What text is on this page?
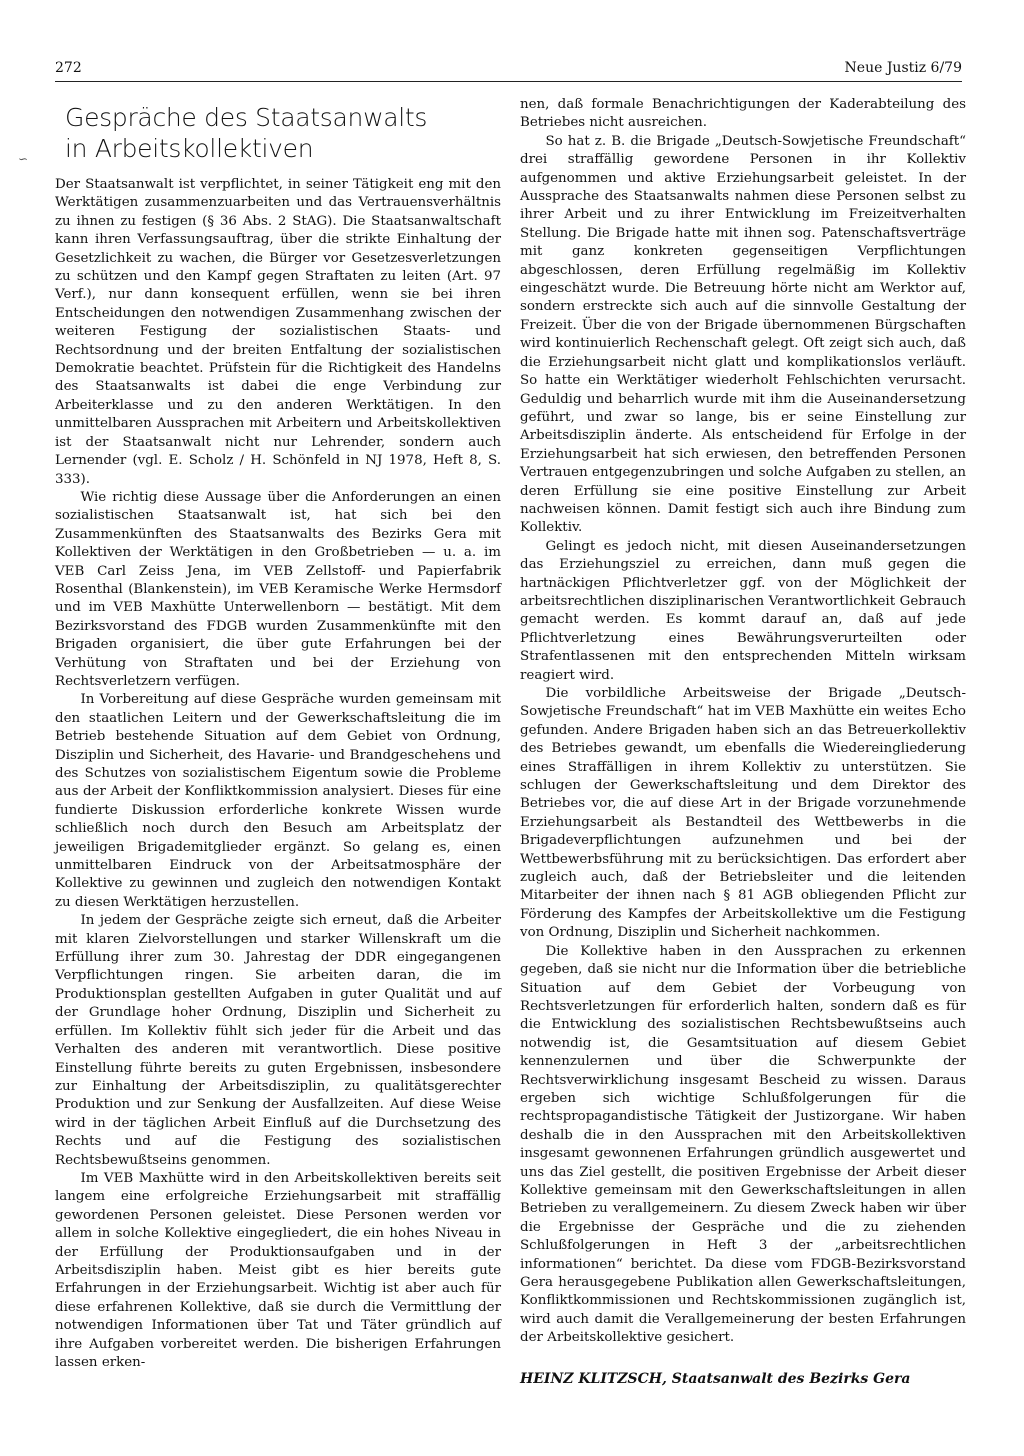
272	Neue Justiz 6/79
∽
Gespräche des Staatsanwalts
in Arbeitskollektiven

Der Staatsanwalt ist verpflichtet, in seiner Tätigkeit eng mit den Werktätigen zusammenzuarbeiten und das Vertrauensverhältnis zu ihnen zu festigen (§ 36 Abs. 2 StAG). Die Staatsanwaltschaft kann ihren Verfassungsauftrag, über die strikte Einhaltung der Gesetzlichkeit zu wachen, die Bürger vor Gesetzesverletzungen zu schützen und den Kampf gegen Straftaten zu leiten (Art. 97 Verf.), nur dann konsequent erfüllen, wenn sie bei ihren Entscheidungen den notwendigen Zusammenhang zwischen der weiteren Festigung der sozialistischen Staats- und Rechtsordnung und der breiten Entfaltung der sozialistischen Demokratie beachtet. Prüfstein für die Richtigkeit des Handelns des Staatsanwalts ist dabei die enge Verbindung zur Arbeiterklasse und zu den anderen Werktätigen. In den unmittelbaren Aussprachen mit Arbeitern und Arbeitskollektiven ist der Staatsanwalt nicht nur Lehrender, sondern auch Lernender (vgl. E. Scholz / H. Schönfeld in NJ 1978, Heft 8, S. 333).

Wie richtig diese Aussage über die Anforderungen an einen sozialistischen Staatsanwalt ist, hat sich bei den Zusammenkünften des Staatsanwalts des Bezirks Gera mit Kollektiven der Werktätigen in den Großbetrieben — u. a. im VEB Carl Zeiss Jena, im VEB Zellstoff- und Papierfabrik Rosenthal (Blankenstein), im VEB Keramische Werke Hermsdorf und im VEB Maxhütte Unterwellenborn — bestätigt. Mit dem Bezirksvorstand des FDGB wurden Zusammenkünfte mit den Brigaden organisiert, die über gute Erfahrungen bei der Verhütung von Straftaten und bei der Erziehung von Rechtsverletzern verfügen.

In Vorbereitung auf diese Gespräche wurden gemeinsam mit den staatlichen Leitern und der Gewerkschaftsleitung die im Betrieb bestehende Situation auf dem Gebiet von Ordnung, Disziplin und Sicherheit, des Havarie- und Brandgeschehens und des Schutzes von sozialistischem Eigentum sowie die Probleme aus der Arbeit der Konfliktkommission analysiert. Dieses für eine fundierte Diskussion erforderliche konkrete Wissen wurde schließlich noch durch den Besuch am Arbeitsplatz der jeweiligen Brigademitglieder ergänzt. So gelang es, einen unmittelbaren Eindruck von der Arbeitsatmosphäre der Kollektive zu gewinnen und zugleich den notwendigen Kontakt zu diesen Werktätigen herzustellen.

In jedem der Gespräche zeigte sich erneut, daß die Arbeiter mit klaren Zielvorstellungen und starker Willenskraft um die Erfüllung ihrer zum 30. Jahrestag der DDR eingegangenen Verpflichtungen ringen. Sie arbeiten daran, die im Produktionsplan gestellten Aufgaben in guter Qualität und auf der Grundlage hoher Ordnung, Disziplin und Sicherheit zu erfüllen. Im Kollektiv fühlt sich jeder für die Arbeit und das Verhalten des anderen mit verantwortlich. Diese positive Einstellung führte bereits zu guten Ergebnissen, insbesondere zur Einhaltung der Arbeitsdisziplin, zu qualitätsgerechter Produktion und zur Senkung der Ausfallzeiten. Auf diese Weise wird in der täglichen Arbeit Einfluß auf die Durchsetzung des Rechts und auf die Festigung des sozialistischen Rechtsbewußtseins genommen.

Im VEB Maxhütte wird in den Arbeitskollektiven bereits seit langem eine erfolgreiche Erziehungsarbeit mit straffällig gewordenen Personen geleistet. Diese Personen werden vor allem in solche Kollektive eingegliedert, die ein hohes Niveau in der Erfüllung der Produktionsaufgaben und in der Arbeitsdisziplin haben. Meist gibt es hier bereits gute Erfahrungen in der Erziehungsarbeit. Wichtig ist aber auch für diese erfahrenen Kollektive, daß sie durch die Vermittlung der notwendigen Informationen über Tat und Täter gründlich auf ihre Aufgaben vorbereitet werden. Die bisherigen Erfahrungen lassen erken-

nen, daß formale Benachrichtigungen der Kaderabteilung des Betriebes nicht ausreichen.

So hat z. B. die Brigade „Deutsch-Sowjetische Freundschaft“ drei straffällig gewordene Personen in ihr Kollektiv aufgenommen und aktive Erziehungsarbeit geleistet. In der Aussprache des Staatsanwalts nahmen diese Personen selbst zu ihrer Arbeit und zu ihrer Entwicklung im Freizeitverhalten Stellung. Die Brigade hatte mit ihnen sog. Patenschaftsverträge mit ganz konkreten gegenseitigen Verpflichtungen abgeschlossen, deren Erfüllung regelmäßig im Kollektiv eingeschätzt wurde. Die Betreuung hörte nicht am Werktor auf, sondern erstreckte sich auch auf die sinnvolle Gestaltung der Freizeit. Über die von der Brigade übernommenen Bürgschaften wird kontinuierlich Rechenschaft gelegt. Oft zeigt sich auch, daß die Erziehungsarbeit nicht glatt und komplikationslos verläuft. So hatte ein Werktätiger wiederholt Fehlschichten verursacht. Geduldig und beharrlich wurde mit ihm die Auseinandersetzung geführt, und zwar so lange, bis er seine Einstellung zur Arbeitsdisziplin änderte. Als entscheidend für Erfolge in der Erziehungsarbeit hat sich erwiesen, den betreffenden Personen Vertrauen entgegenzubringen und solche Aufgaben zu stellen, an deren Erfüllung sie eine positive Einstellung zur Arbeit nachweisen können. Damit festigt sich auch ihre Bindung zum Kollektiv.

Gelingt es jedoch nicht, mit diesen Auseinandersetzungen das Erziehungsziel zu erreichen, dann muß gegen die hartnäckigen Pflichtverletzer ggf. von der Möglichkeit der arbeitsrechtlichen disziplinarischen Verantwortlichkeit Gebrauch gemacht werden. Es kommt darauf an, daß auf jede Pflichtverletzung eines Bewährungsverurteilten oder Strafentlassenen mit den entsprechenden Mitteln wirksam reagiert wird.

Die vorbildliche Arbeitsweise der Brigade „Deutsch-Sowjetische Freundschaft“ hat im VEB Maxhütte ein weites Echo gefunden. Andere Brigaden haben sich an das Betreuerkollektiv des Betriebes gewandt, um ebenfalls die Wiedereingliederung eines Straffälligen in ihrem Kollektiv zu unterstützen. Sie schlugen der Gewerkschaftsleitung und dem Direktor des Betriebes vor, die auf diese Art in der Brigade vorzunehmende Erziehungsarbeit als Bestandteil des Wettbewerbs in die Brigadeverpflichtungen aufzunehmen und bei der Wettbewerbsführung mit zu berücksichtigen. Das erfordert aber zugleich auch, daß der Betriebsleiter und die leitenden Mitarbeiter der ihnen nach § 81 AGB obliegenden Pflicht zur Förderung des Kampfes der Arbeitskollektive um die Festigung von Ordnung, Disziplin und Sicherheit nachkommen.

Die Kollektive haben in den Aussprachen zu erkennen gegeben, daß sie nicht nur die Information über die betriebliche Situation auf dem Gebiet der Vorbeugung von Rechtsverletzungen für erforderlich halten, sondern daß es für die Entwicklung des sozialistischen Rechtsbewußtseins auch notwendig ist, die Gesamtsituation auf diesem Gebiet kennenzulernen und über die Schwerpunkte der Rechtsverwirklichung insgesamt Bescheid zu wissen. Daraus ergeben sich wichtige Schlußfolgerungen für die rechtspropagandistische Tätigkeit der Justizorgane. Wir haben deshalb die in den Aussprachen mit den Arbeitskollektiven insgesamt gewonnenen Erfahrungen gründlich ausgewertet und uns das Ziel gestellt, die positiven Ergebnisse der Arbeit dieser Kollektive gemeinsam mit den Gewerkschaftsleitungen in allen Betrieben zu verallgemeinern. Zu diesem Zweck haben wir über die Ergebnisse der Gespräche und die zu ziehenden Schlußfolgerungen in Heft 3 der „arbeitsrechtlichen informationen“ berichtet. Da diese vom FDGB-Bezirksvorstand Gera herausgegebene Publikation allen Gewerkschaftsleitungen, Konfliktkommissionen und Rechtskommissionen zugänglich ist, wird auch damit die Verallgemeinerung der besten Erfahrungen der Arbeitskollektive gesichert.

HEINZ KLITZSCH, Staatsanwalt des Bezirks Gera
